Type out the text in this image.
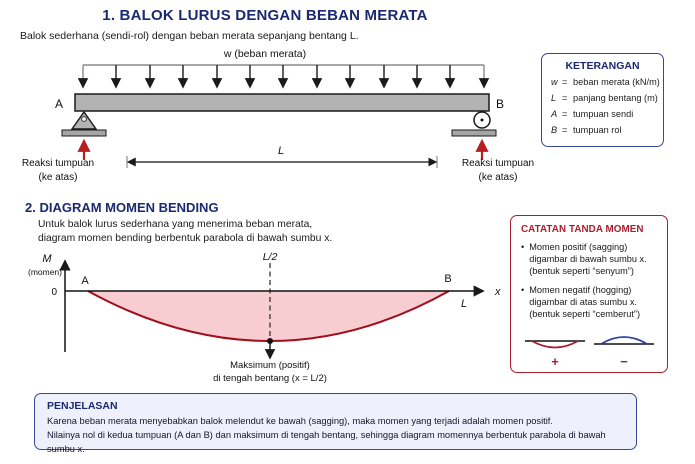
1. BALOK LURUS DENGAN BEBAN MERATA
Balok sederhana (sendi-rol) dengan beban merata sepanjang bentang L.
w (beban merata)
A	B
Reaksi tumpuan
(ke atas)
Reaksi tumpuan
(ke atas)
L
KETERANGAN
w = beban merata (kN/m)
L = panjang bentang (m)
A = tumpuan sendi
B = tumpuan rol
2. DIAGRAM MOMEN BENDING
Untuk balok lurus sederhana yang menerima beban merata,
diagram momen bending berbentuk parabola di bawah sumbu x.
M
(momen)
0	x
L
A	B
L/2
Maksimum (positif)
di tengah bentang (x = L/2)
CATATAN TANDA MOMEN
• Momen positif (sagging)
digambar di bawah sumbu x.
(bentuk seperti “senyum”)
• Momen negatif (hogging)
digambar di atas sumbu x.
(bentuk seperti “cemberut”)
+	−
PENJELASAN
Karena beban merata menyebabkan balok melendut ke bawah (sagging), maka momen yang terjadi adalah momen positif.
Nilainya nol di kedua tumpuan (A dan B) dan maksimum di tengah bentang, sehingga diagram momennya berbentuk parabola di bawah sumbu x.
